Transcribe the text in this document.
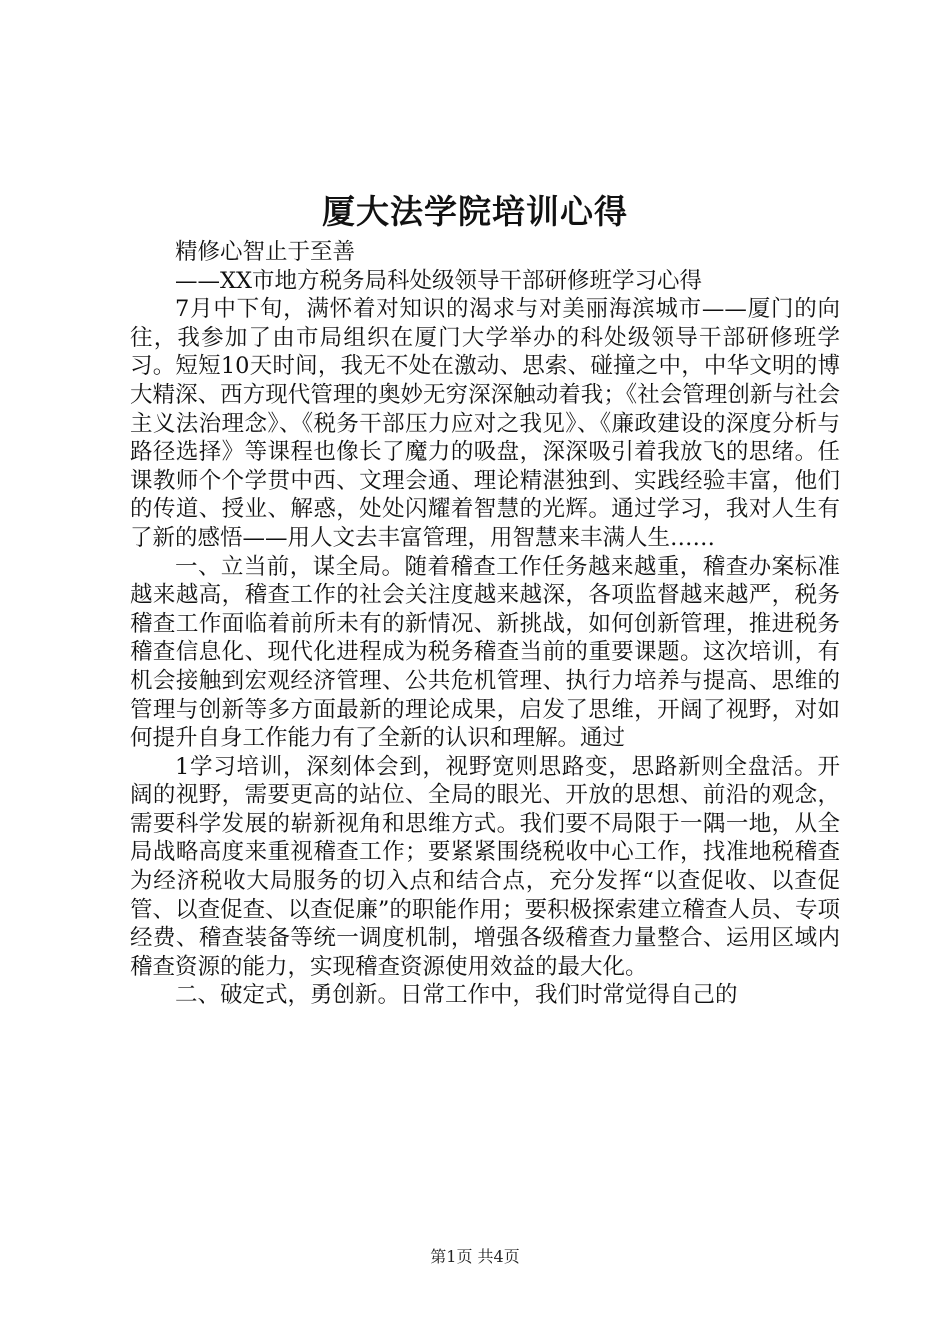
厦大法学院培训心得

精修心智止于至善

——XX市地方税务局科处级领导干部研修班学习心得

7月中下旬，满怀着对知识的渴求与对美丽海滨城市——厦门的向往，我参加了由市局组织在厦门大学举办的科处级领导干部研修班学习。短短10天时间，我无不处在激动、思索、碰撞之中，中华文明的博大精深、西方现代管理的奥妙无穷深深触动着我；《社会管理创新与社会主义法治理念》、《税务干部压力应对之我见》、《廉政建设的深度分析与路径选择》等课程也像长了魔力的吸盘，深深吸引着我放飞的思绪。任课教师个个学贯中西、文理会通、理论精湛独到、实践经验丰富，他们的传道、授业、解惑，处处闪耀着智慧的光辉。通过学习，我对人生有了新的感悟——用人文去丰富管理，用智慧来丰满人生……

一、立当前，谋全局。随着稽查工作任务越来越重，稽查办案标准越来越高，稽查工作的社会关注度越来越深，各项监督越来越严，税务稽查工作面临着前所未有的新情况、新挑战，如何创新管理，推进税务稽查信息化、现代化进程成为税务稽查当前的重要课题。这次培训，有机会接触到宏观经济管理、公共危机管理、执行力培养与提高、思维的管理与创新等多方面最新的理论成果，启发了思维，开阔了视野，对如何提升自身工作能力有了全新的认识和理解。通过

1学习培训，深刻体会到，视野宽则思路变，思路新则全盘活。开阔的视野，需要更高的站位、全局的眼光、开放的思想、前沿的观念，需要科学发展的崭新视角和思维方式。我们要不局限于一隅一地，从全局战略高度来重视稽查工作；要紧紧围绕税收中心工作，找准地税稽查为经济税收大局服务的切入点和结合点，充分发挥“以查促收、以查促管、以查促查、以查促廉”的职能作用；要积极探索建立稽查人员、专项经费、稽查装备等统一调度机制，增强各级稽查力量整合、运用区域内稽查资源的能力，实现稽查资源使用效益的最大化。

二、破定式，勇创新。日常工作中，我们时常觉得自己的

第1页 共4页
